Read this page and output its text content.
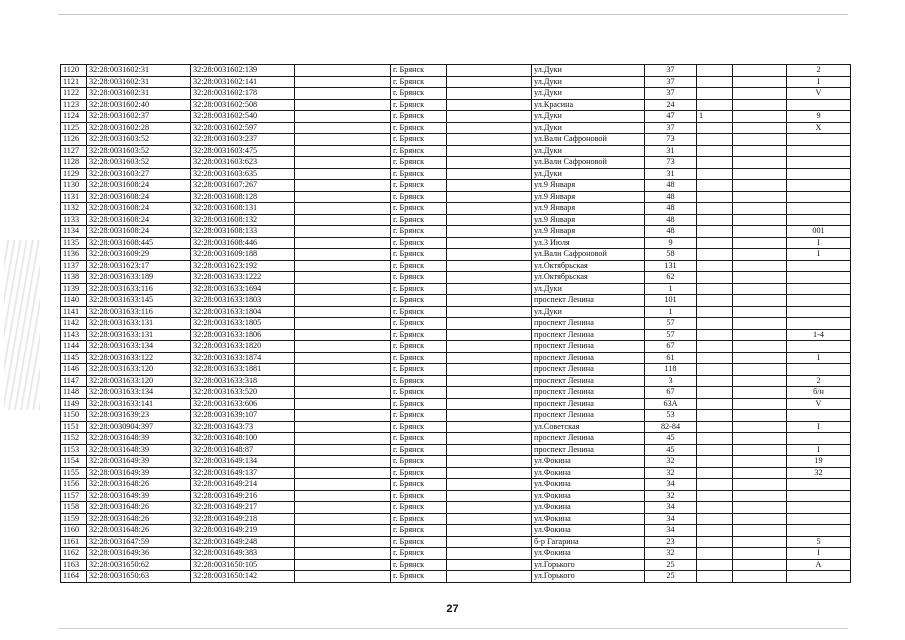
1120	32:28:0031602:31	32:28:0031602:139		г. Брянск		ул.Дуки	37			2
1121	32:28:0031602:31	32:28:0031602:141		г. Брянск		ул.Дуки	37			I
1122	32:28:0031602:31	32:28:0031602:178		г. Брянск		ул.Дуки	37			V
1123	32:28:0031602:40	32:28:0031602:508		г. Брянск		ул.Красина	24			
1124	32:28:0031602:37	32:28:0031602:540		г. Брянск		ул.Дуки	47	1		9
1125	32:28:0031602:28	32:28:0031602:597		г. Брянск		ул.Дуки	37			X
1126	32:28:0031603:52	32:28:0031603:237		г. Брянск		ул.Вали Сафроновой	73			
1127	32:28:0031603:52	32:28:0031603:475		г. Брянск		ул.Дуки	31			
1128	32:28:0031603:52	32:28:0031603:623		г. Брянск		ул.Вали Сафроновой	73			
1129	32:28:0031603:27	32:28:0031603:635		г. Брянск		ул.Дуки	31			
1130	32:28:0031608:24	32:28:0031607:267		г. Брянск		ул.9 Января	48			
1131	32:28:0031608:24	32:28:0031608:128		г. Брянск		ул.9 Января	48			
1132	32:28:0031608:24	32:28:0031608:131		г. Брянск		ул.9 Января	48			
1133	32:28:0031608:24	32:28:0031608:132		г. Брянск		ул.9 Января	48			
1134	32:28:0031608:24	32:28:0031608:133		г. Брянск		ул.9 Января	48			001
1135	32:28:0031608:445	32:28:0031608:446		г. Брянск		ул.3 Июля	9			I
1136	32:28:0031609:29	32:28:0031609:188		г. Брянск		ул.Вали Сафроновой	58			I
1137	32:28:0031623:17	32:28:0031623:192		г. Брянск		ул.Октябрьская	131			
1138	32:28:0031633:189	32:28:0031633:1222		г. Брянск		ул.Октябрьская	62			
1139	32:28:0031633:116	32:28:0031633:1694		г. Брянск		ул.Дуки	1			
1140	32:28:0031633:145	32:28:0031633:1803		г. Брянск		проспект Ленина	101			
1141	32:28:0031633:116	32:28:0031633:1804		г. Брянск		ул.Дуки	1			
1142	32:28:0031633:131	32:28:0031633:1805		г. Брянск		проспект Ленина	57			
1143	32:28:0031633:131	32:28:0031633:1806		г. Брянск		проспект Ленина	57			1-4
1144	32:28:0031633:134	32:28:0031633:1820		г. Брянск		проспект Ленина	67			
1145	32:28:0031633:122	32:28:0031633:1874		г. Брянск		проспект Ленина	61			I
1146	32:28:0031633:120	32:28:0031633:1881		г. Брянск		проспект Ленина	118			
1147	32:28:0031633:120	32:28:0031633:318		г. Брянск		проспект Ленина	3			2
1148	32:28:0031633:134	32:28:0031633:520		г. Брянск		проспект Ленина	67			б/н
1149	32:28:0031633:141	32:28:0031633:606		г. Брянск		проспект Ленина	63А			V
1150	32:28:0031639:23	32:28:0031639:107		г. Брянск		проспект Ленина	53			
1151	32:28:0030904:397	32:28:0031643:73		г. Брянск		ул.Советская	82-84			I
1152	32:28:0031648:39	32:28:0031648:100		г. Брянск		проспект Ленина	45			
1153	32:28:0031648:39	32:28:0031648:87		г. Брянск		проспект Ленина	45			I
1154	32:28:0031649:39	32:28:0031649:134		г. Брянск		ул.Фокина	32			19
1155	32:28:0031649:39	32:28:0031649:137		г. Брянск		ул.Фокина	32			32
1156	32:28:0031648:26	32:28:0031649:214		г. Брянск		ул.Фокина	34			
1157	32:28:0031649:39	32:28:0031649:216		г. Брянск		ул.Фокина	32			
1158	32:28:0031648:26	32:28:0031649:217		г. Брянск		ул.Фокина	34			
1159	32:28:0031648:26	32:28:0031649:218		г. Брянск		ул.Фокина	34			
1160	32:28:0031648:26	32:28:0031649:219		г. Брянск		ул.Фокина	34			
1161	32:28:0031647:59	32:28:0031649:248		г. Брянск		б-р Гагарина	23			5
1162	32:28:0031649:36	32:28:0031649:383		г. Брянск		ул.Фокина	32			I
1163	32:28:0031650:62	32:28:0031650:105		г. Брянск		ул.Горького	25			А
1164	32:28:0031650:63	32:28:0031650:142		г. Брянск		ул.Горького	25			
27
